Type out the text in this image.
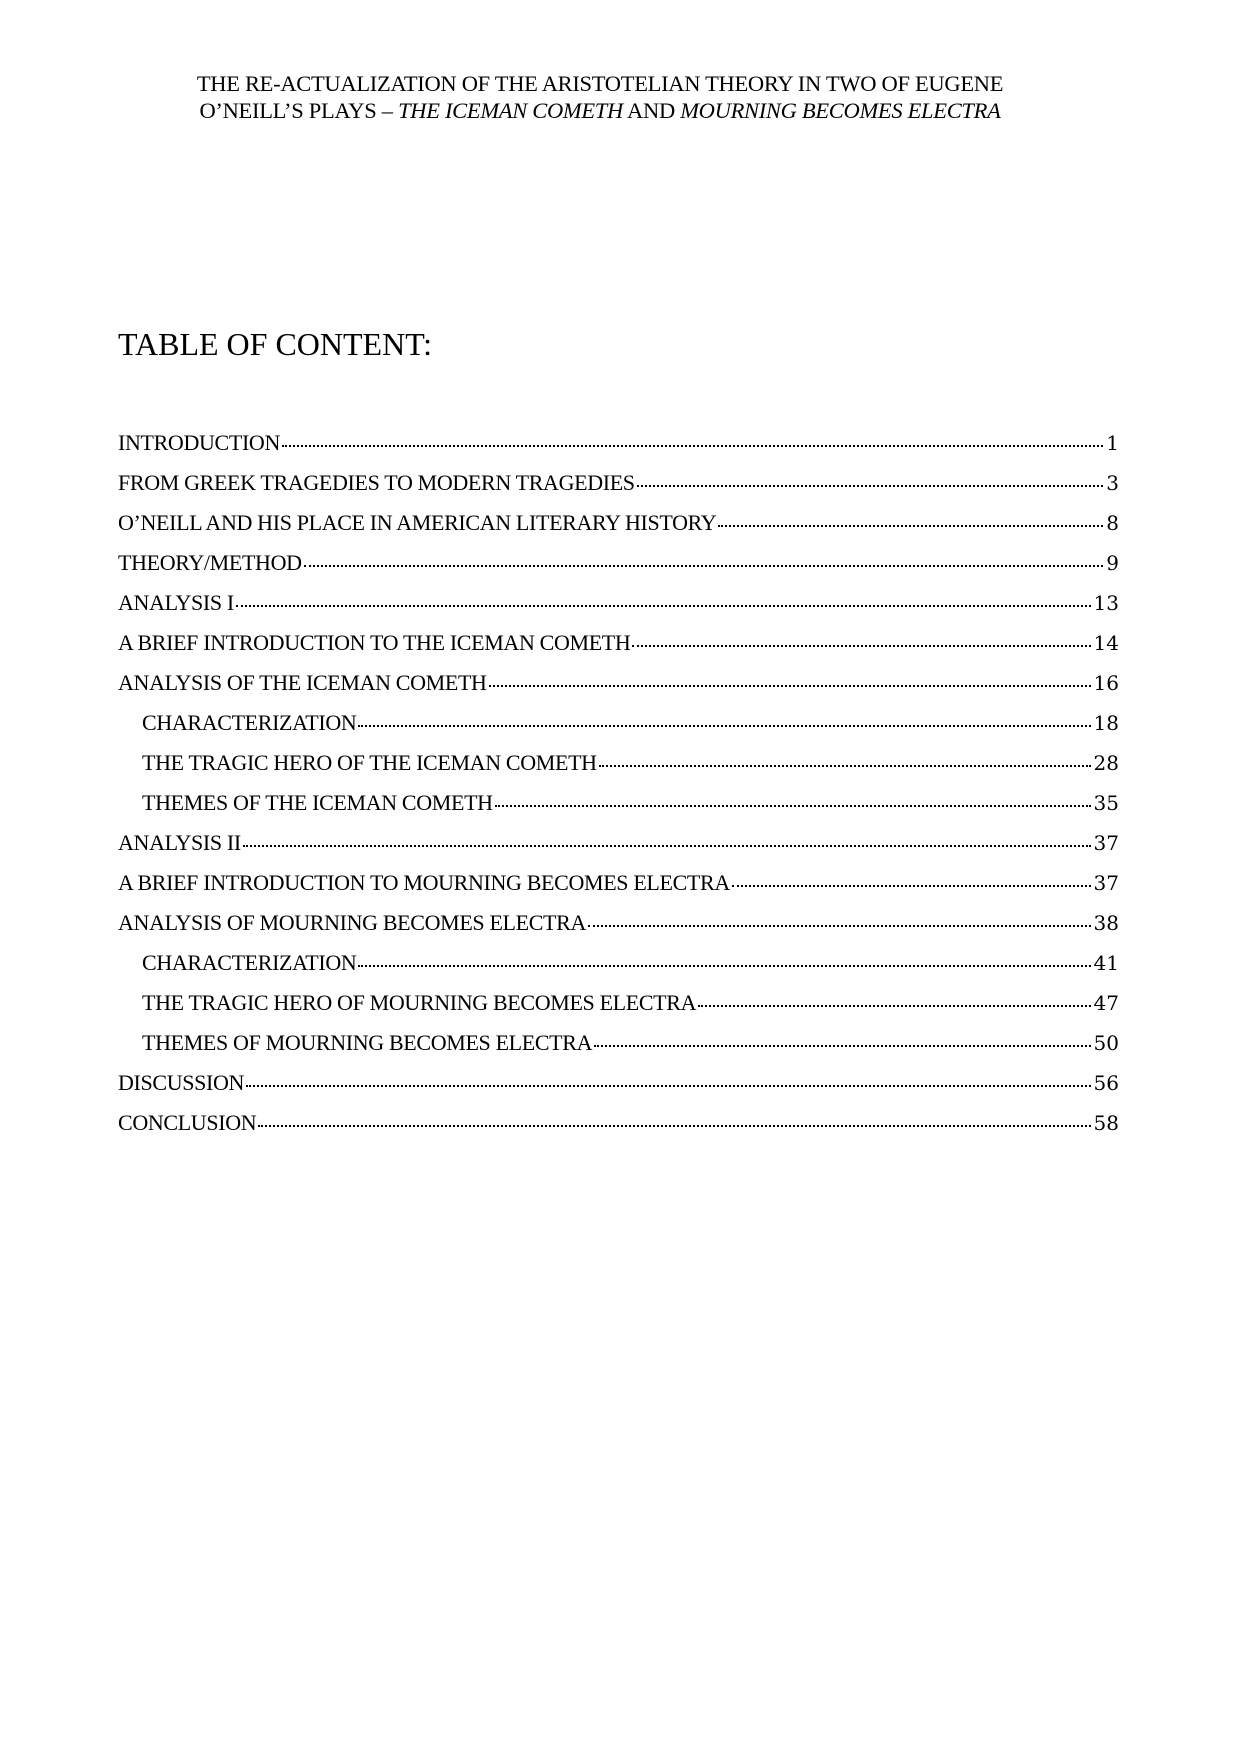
THE RE-ACTUALIZATION OF THE ARISTOTELIAN THEORY IN TWO OF EUGENE
O’NEILL’S PLAYS – THE ICEMAN COMETH AND MOURNING BECOMES ELECTRA
TABLE OF CONTENT:
INTRODUCTION	1
FROM GREEK TRAGEDIES TO MODERN TRAGEDIES	3
O’NEILL AND HIS PLACE IN AMERICAN LITERARY HISTORY	8
THEORY/METHOD	9
ANALYSIS I	13
A BRIEF INTRODUCTION TO THE ICEMAN COMETH	14
ANALYSIS OF THE ICEMAN COMETH	16
CHARACTERIZATION	18
THE TRAGIC HERO OF THE ICEMAN COMETH	28
THEMES OF THE ICEMAN COMETH	35
ANALYSIS II	37
A BRIEF INTRODUCTION TO MOURNING BECOMES ELECTRA	37
ANALYSIS OF MOURNING BECOMES ELECTRA	38
CHARACTERIZATION	41
THE TRAGIC HERO OF MOURNING BECOMES ELECTRA	47
THEMES OF MOURNING BECOMES ELECTRA	50
DISCUSSION	56
CONCLUSION	58
